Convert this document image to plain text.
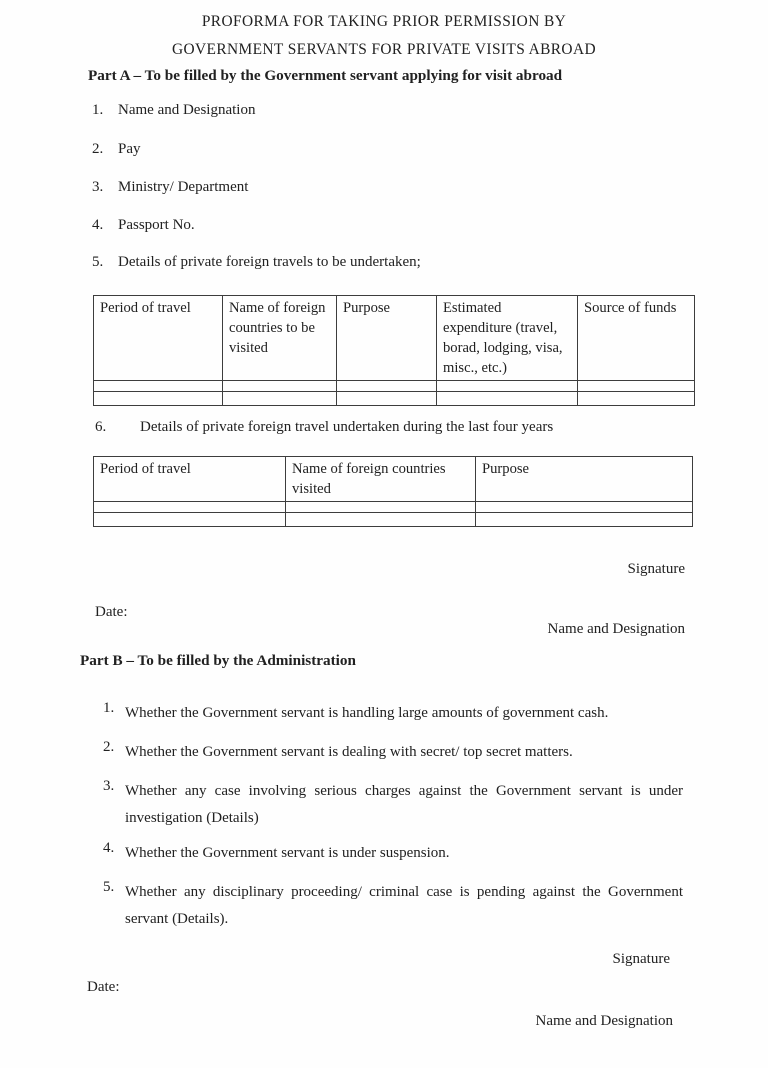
PROFORMA FOR TAKING PRIOR PERMISSION BY
GOVERNMENT SERVANTS FOR PRIVATE VISITS ABROAD
Part A – To be filled by the Government servant applying for visit abroad
1. Name and Designation
2. Pay
3. Ministry/ Department
4. Passport No.
5. Details of private foreign travels to be undertaken;
Period of travel	Name of foreign countries to be visited	Purpose	Estimated expenditure (travel, borad, lodging, visa, misc., etc.)	Source of funds

6.	Details of private foreign travel undertaken during the last four years
Period of travel	Name of foreign countries visited	Purpose

Signature
Date:
Name and Designation
Part B – To be filled by the Administration
1. Whether the Government servant is handling large amounts of government cash.
2. Whether the Government servant is dealing with secret/ top secret matters.
3. Whether any case involving serious charges against the Government servant is under investigation (Details)
4. Whether the Government servant is under suspension.
5. Whether any disciplinary proceeding/ criminal case is pending against the Government servant (Details).
Signature
Date:
Name and Designation
